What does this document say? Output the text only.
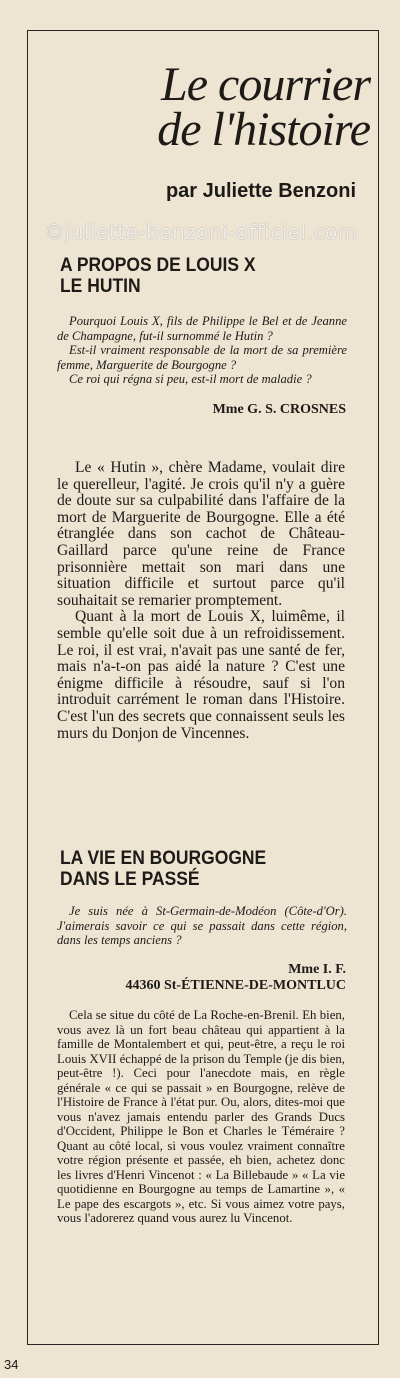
Le courrier
de l'histoire

par Juliette Benzoni

©juliette-benzoni-officiel.com
A PROPOS DE LOUIS X
LE HUTIN

Pourquoi Louis X, fils de Philippe le Bel et de Jeanne de Champagne, fut-il surnommé le Hutin ?

Est-il vraiment responsable de la mort de sa première femme, Marguerite de Bourgogne ?

Ce roi qui régna si peu, est-il mort de maladie ?

Mme G. S. CROSNES

Le « Hutin », chère Madame, voulait dire le querelleur, l'agité. Je crois qu'il n'y a guère de doute sur sa culpabilité dans l'affaire de la mort de Marguerite de Bourgogne. Elle a été étranglée dans son cachot de Château-Gaillard parce qu'une reine de France prisonnière mettait son mari dans une situation difficile et surtout parce qu'il souhaitait se remarier promptement.

Quant à la mort de Louis X, luimême, il semble qu'elle soit due à un refroidissement. Le roi, il est vrai, n'avait pas une santé de fer, mais n'a-t-on pas aidé la nature ? C'est une énigme difficile à résoudre, sauf si l'on introduit carrément le roman dans l'Histoire. C'est l'un des secrets que connaissent seuls les murs du Donjon de Vincennes.

LA VIE EN BOURGOGNE
DANS LE PASSÉ

Je suis née à St-Germain-de-Modéon (Côte-d'Or). J'aimerais savoir ce qui se passait dans cette région, dans les temps anciens ?

Mme I. F.
44360 St-ÉTIENNE-DE-MONTLUC

Cela se situe du côté de La Roche-en-Brenil. Eh bien, vous avez là un fort beau château qui appartient à la famille de Montalembert et qui, peut-être, a reçu le roi Louis XVII échappé de la prison du Temple (je dis bien, peut-être !). Ceci pour l'anecdote mais, en règle générale « ce qui se passait » en Bourgogne, relève de l'Histoire de France à l'état pur. Ou, alors, dites-moi que vous n'avez jamais entendu parler des Grands Ducs d'Occident, Philippe le Bon et Charles le Téméraire ? Quant au côté local, si vous voulez vraiment connaître votre région présente et passée, eh bien, achetez donc les livres d'Henri Vincenot : « La Billebaude » « La vie quotidienne en Bourgogne au temps de Lamartine », « Le pape des escargots », etc. Si vous aimez votre pays, vous l'adorerez quand vous aurez lu Vincenot.

34
